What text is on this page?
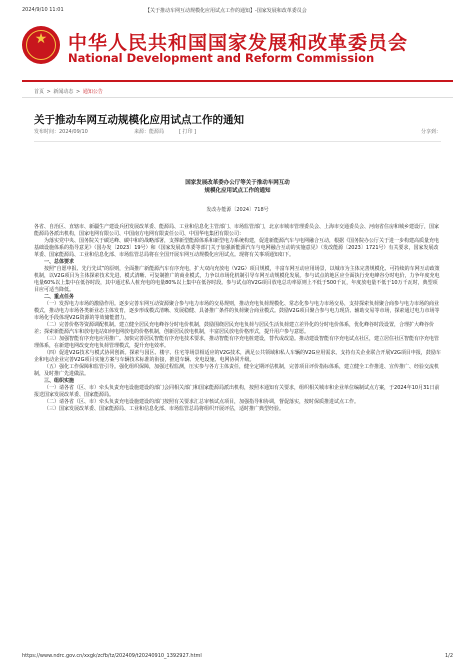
2024/9/10 11:01	【关于推动车网互动规模化应用试点工作的通知】-国家发展和改革委员会
★	中华人民共和国国家发展和改革委员会
National Development and Reform Commission
首页 > 新闻动态 > 通知公告
关于推动车网互动规模化应用试点工作的通知
发布时间：2024/09/10	来源：能源局	[ 打印 ]	分享到：
国家发展改革委办公厅等关于推动车网互动
规模化应用试点工作的通知
发改办能源〔2024〕718号

各省、自治区、直辖市、新疆生产建设兵团发展改革委、能源局、工业和信息化主管部门、市场监管部门，北京市城市管理委员会、上海市交通委员会、河南省住房和城乡建设厅，国家能源局各派出机构，国家电网有限公司、中国南方电网有限责任公司、中国华电集团有限公司：

为落实党中央、国务院关于碳达峰、碳中和的战略部署，支撑新型能源体系和新型电力系统构建，促进新能源汽车与电网融合互动，根据《国务院办公厅关于进一步构建高质量充电基础设施体系的指导意见》（国办发〔2023〕19号）和《国家发展改革委等部门关于加强新能源汽车与电网融合互动的实施意见》（发改能源〔2023〕1721号）有关要求，国家发展改革委、国家能源局、工业和信息化部、市场监管总局将在全国开展车网互动规模化应用试点。现将有关事项通知如下。

一、总体要求

按照“自愿申报、先行先试”的原则，全面推广新能源汽车有序充电，扩大双向充放电（V2G）项目规模，丰富车网互动应用场景，以城市为主体完善规模化、可持续的车网互动政策机制，以V2G项目为主体探索技术先进、模式清晰、可复制推广的商业模式，力争以市场化机制引导车网互动规模化发展。参与试点的地区应全面执行充电峰谷分时电价，力争年度充电电量60%以上集中在低谷时段，其中通过私人桩充电的电量80%以上集中在低谷时段。参与试点的V2G项目放电总功率原则上不低于500千瓦，年度放电量不低于10万千瓦时，典型项目应可适当降低。

二、重点任务

（一）发挥电力市场的激励作用。逐步完善车网互动资源聚合参与电力市场的交易规则，推动充电负荷规模化、常态化参与电力市场交易，支持探索负荷聚合商参与电力市场的商业模式，推动电力市场各类新业态主体发育，逐步形成模式清晰、发展稳健、具备推广条件的负荷聚合商业模式。鼓励V2G项目聚合参与电力现货、辅助交易等市场，探索通过电力市场等市场化手段体现V2G资源的等效储能潜力。

（二）完善价格等资源调配机制。建立健全居民充电峰谷分时电价机制，鼓励围绕居民充电负荷与居民生活负荷建立差异化的分时电价体系，优化峰谷时段设置，合理扩大峰谷价差；探索新能源汽车和放电电站如何电网放电的价格机制，创新居民放电机制，丰富居民放电价格形式，提升用户参与意愿。

（三）加强智能有序充电应用推广。加快完善居民智能有序充电技术要求，推动智能有序充电桩建设，替代或改造。推动建设智能有序充电试点社区，建立居住社区智能有序充电管理体系，在新建电网改变充电负荷管理模式，提升充电效率。

（四）促进V2G技术与模式协同创新。探索与园区、楼宇、住宅等场景相适应的V2G技术，满足公共领域和私人车辆的V2G应用需求。支持有关企业联合开展V2G项目申报，鼓励车企和电动企业完善V2G项目实施方案与车辆技术标准的衔接，推进车辆、充电设施、电网协同升级。

（五）强化工作保障和监管引导。强化组织保障，加强过程监测，压实参与各方主体责任，健全定期评估机制，完善项目评价指标体系，建立健全工作推进、宣传推广、经验交流机制，及时推广先进做法。

三、组织实施

（一）请各省（区、市）牵头负责充电设施建设的部门会同相关部门和国家能源局派出机构，按照本通知有关要求，组织相关城市和企业单位编制试点方案，于2024年10月31日前报送国家发展改革委、国家能源局。

（二）请各省（区、市）牵头负责充电设施建设的部门按照有关要求汇总审核试点项目，加强指导和协调，督促落实，按时保质推进试点工作。

（三）国家发展改革委、国家能源局、工业和信息化部、市场监管总局将组织开展评估，适时推广典型经验。

https://www.ndrc.gov.cn/xxgk/zcfb/tz/202409/t20240910_1392927.html	1/2
